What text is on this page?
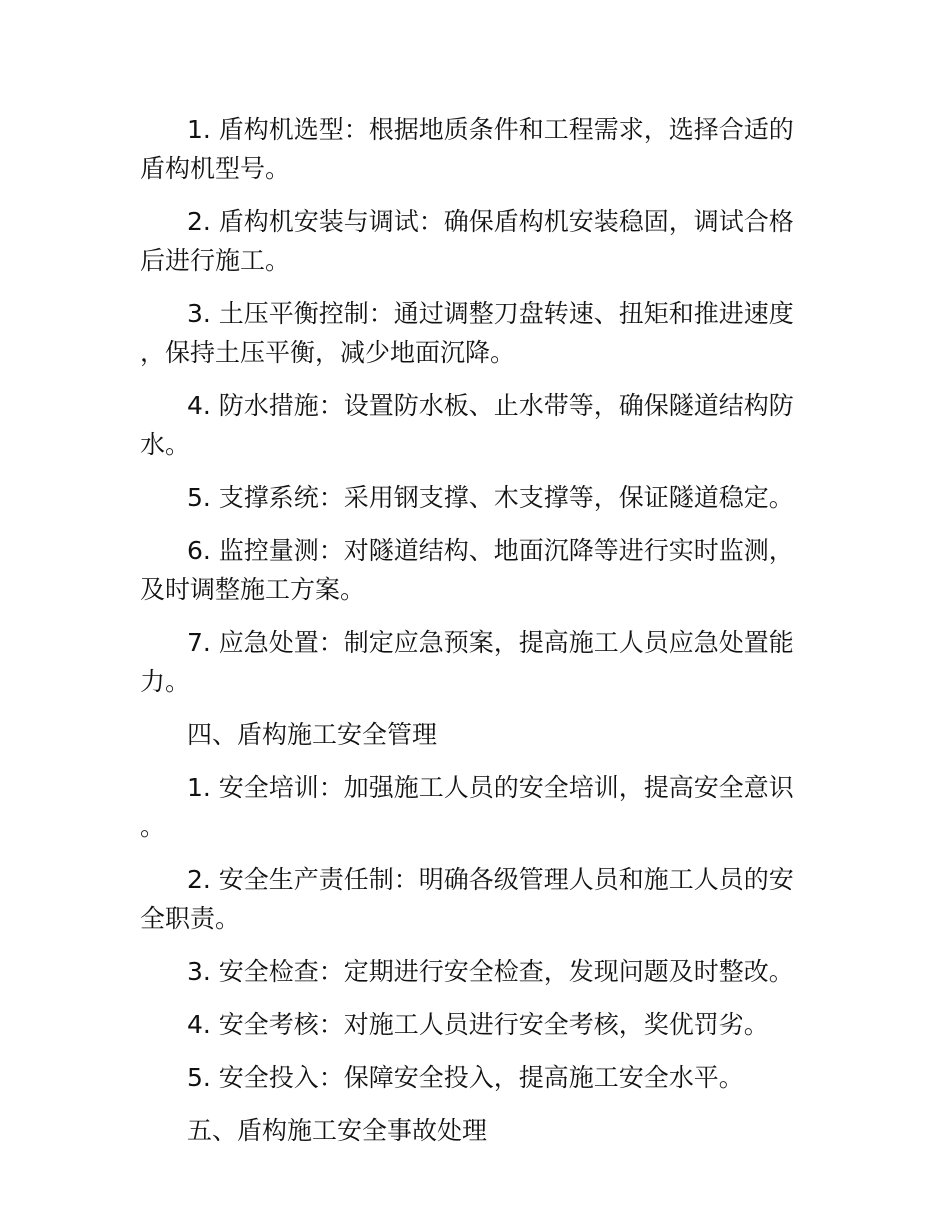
1. 盾构机选型：根据地质条件和工程需求，选择合适的盾构机型号。

2. 盾构机安装与调试：确保盾构机安装稳固，调试合格后进行施工。

3. 土压平衡控制：通过调整刀盘转速、扭矩和推进速度，保持土压平衡，减少地面沉降。

4. 防水措施：设置防水板、止水带等，确保隧道结构防水。

5. 支撑系统：采用钢支撑、木支撑等，保证隧道稳定。

6. 监控量测：对隧道结构、地面沉降等进行实时监测，及时调整施工方案。

7. 应急处置：制定应急预案，提高施工人员应急处置能力。

四、盾构施工安全管理

1. 安全培训：加强施工人员的安全培训，提高安全意识。

2. 安全生产责任制：明确各级管理人员和施工人员的安全职责。

3. 安全检查：定期进行安全检查，发现问题及时整改。

4. 安全考核：对施工人员进行安全考核，奖优罚劣。

5. 安全投入：保障安全投入，提高施工安全水平。

五、盾构施工安全事故处理
